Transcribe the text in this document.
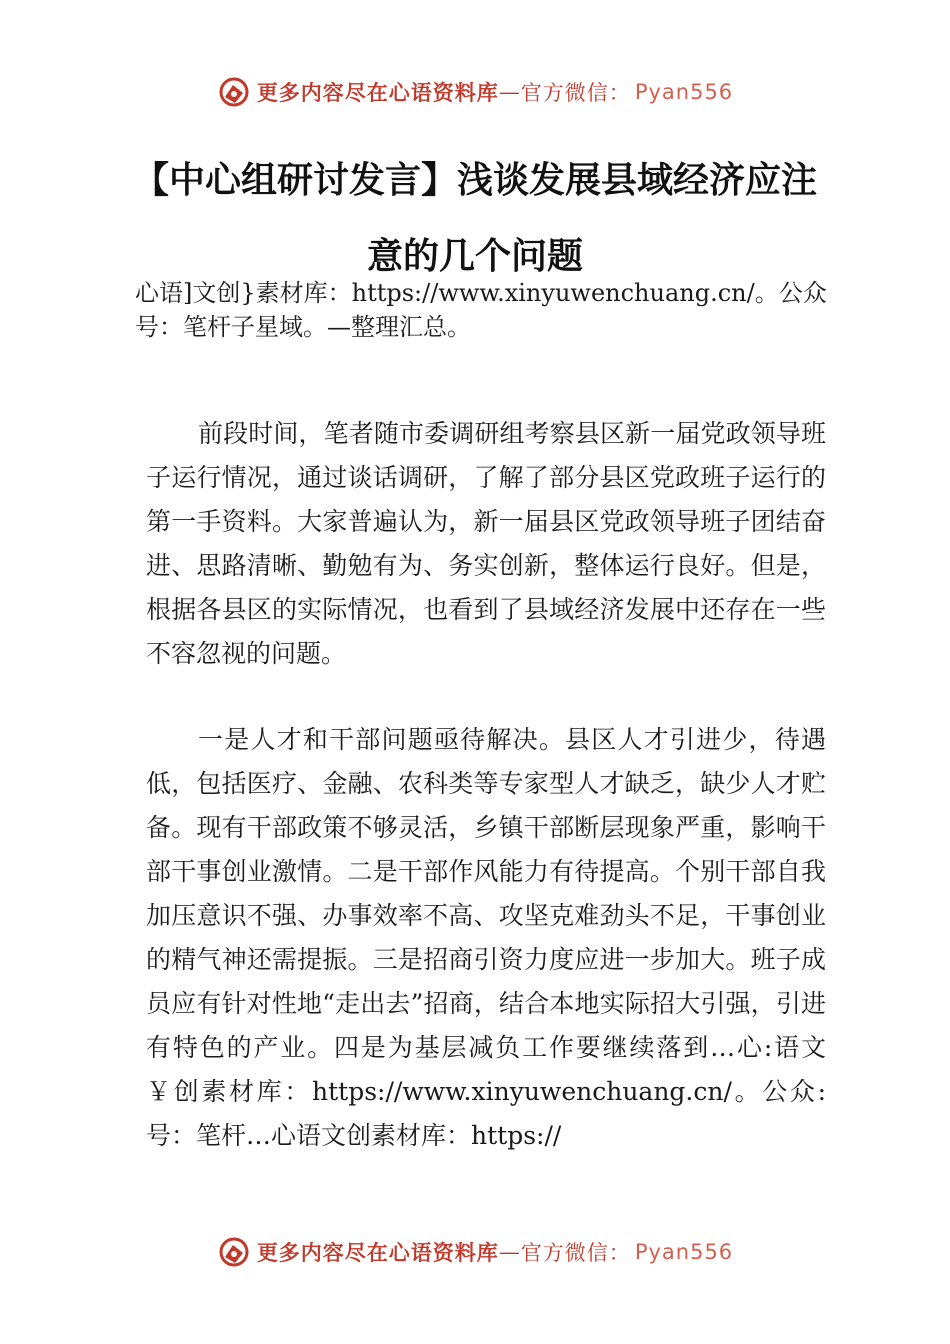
更多内容尽在心语资料库 — 官方微信： Pyan556
【中心组研讨发言】浅谈发展县域经济应注
意的几个问题
心语]文创}素材库：https://www.xinyuwenchuang.cn/。公众号：笔杆子星域。—整理汇总。

前段时间，笔者随市委调研组考察县区新一届党政领导班子运行情况，通过谈话调研，了解了部分县区党政班子运行的第一手资料。大家普遍认为，新一届县区党政领导班子团结奋进、思路清晰、勤勉有为、务实创新，整体运行良好。但是，根据各县区的实际情况，也看到了县域经济发展中还存在一些不容忽视的问题。

一是人才和干部问题亟待解决。县区人才引进少，待遇低，包括医疗、金融、农科类等专家型人才缺乏，缺少人才贮备。现有干部政策不够灵活，乡镇干部断层现象严重，影响干部干事创业激情。二是干部作风能力有待提高。个别干部自我加压意识不强、办事效率不高、攻坚克难劲头不足，干事创业的精气神还需提振。三是招商引资力度应进一步加大。班子成员应有针对性地“走出去”招商，结合本地实际招大引强，引进有特色的产业。四是为基层减负工作要继续落到…心:语文￥创素材库：https://www.xinyuwenchuang.cn/。公众:号：笔杆…心语文创素材库：https://

更多内容尽在心语资料库 — 官方微信： Pyan556
